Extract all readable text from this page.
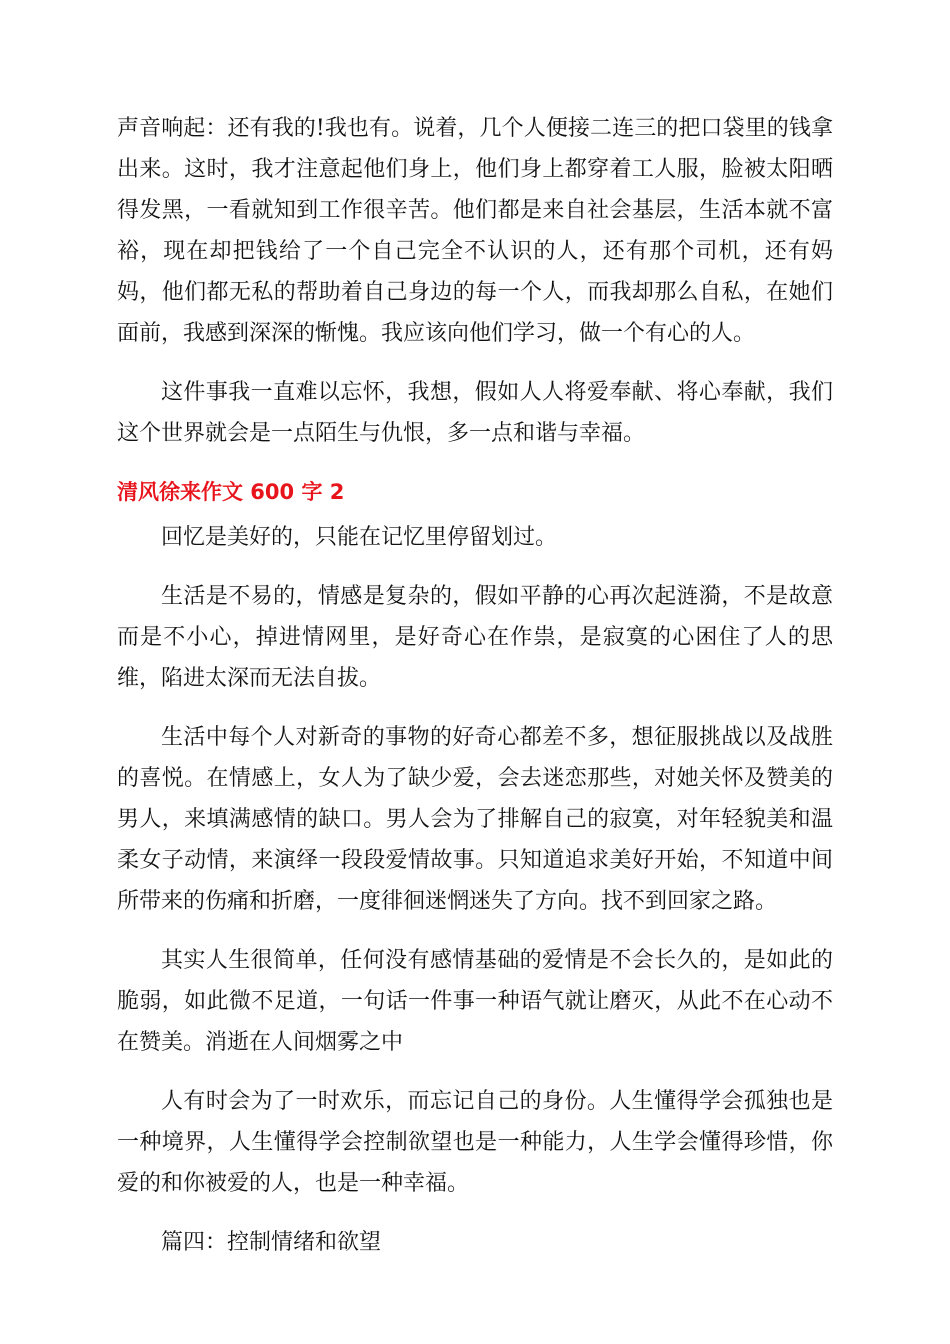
声音响起：还有我的!我也有。说着，几个人便接二连三的把口袋里的钱拿出来。这时，我才注意起他们身上，他们身上都穿着工人服，脸被太阳晒得发黑，一看就知到工作很辛苦。他们都是来自社会基层，生活本就不富裕，现在却把钱给了一个自己完全不认识的人，还有那个司机，还有妈妈，他们都无私的帮助着自己身边的每一个人，而我却那么自私，在她们面前，我感到深深的惭愧。我应该向他们学习，做一个有心的人。

这件事我一直难以忘怀，我想，假如人人将爱奉献、将心奉献，我们这个世界就会是一点陌生与仇恨，多一点和谐与幸福。

清风徐来作文 600 字 2

回忆是美好的，只能在记忆里停留划过。

生活是不易的，情感是复杂的，假如平静的心再次起涟漪，不是故意而是不小心，掉进情网里，是好奇心在作祟，是寂寞的心困住了人的思维，陷进太深而无法自拔。

生活中每个人对新奇的事物的好奇心都差不多，想征服挑战以及战胜的喜悦。在情感上，女人为了缺少爱，会去迷恋那些，对她关怀及赞美的男人，来填满感情的缺口。男人会为了排解自己的寂寞，对年轻貌美和温柔女子动情，来演绎一段段爱情故事。只知道追求美好开始，不知道中间所带来的伤痛和折磨，一度徘徊迷惘迷失了方向。找不到回家之路。

其实人生很简单，任何没有感情基础的爱情是不会长久的，是如此的脆弱，如此微不足道，一句话一件事一种语气就让磨灭，从此不在心动不在赞美。消逝在人间烟雾之中

人有时会为了一时欢乐，而忘记自己的身份。人生懂得学会孤独也是一种境界，人生懂得学会控制欲望也是一种能力，人生学会懂得珍惜，你爱的和你被爱的人，也是一种幸福。

篇四：控制情绪和欲望
